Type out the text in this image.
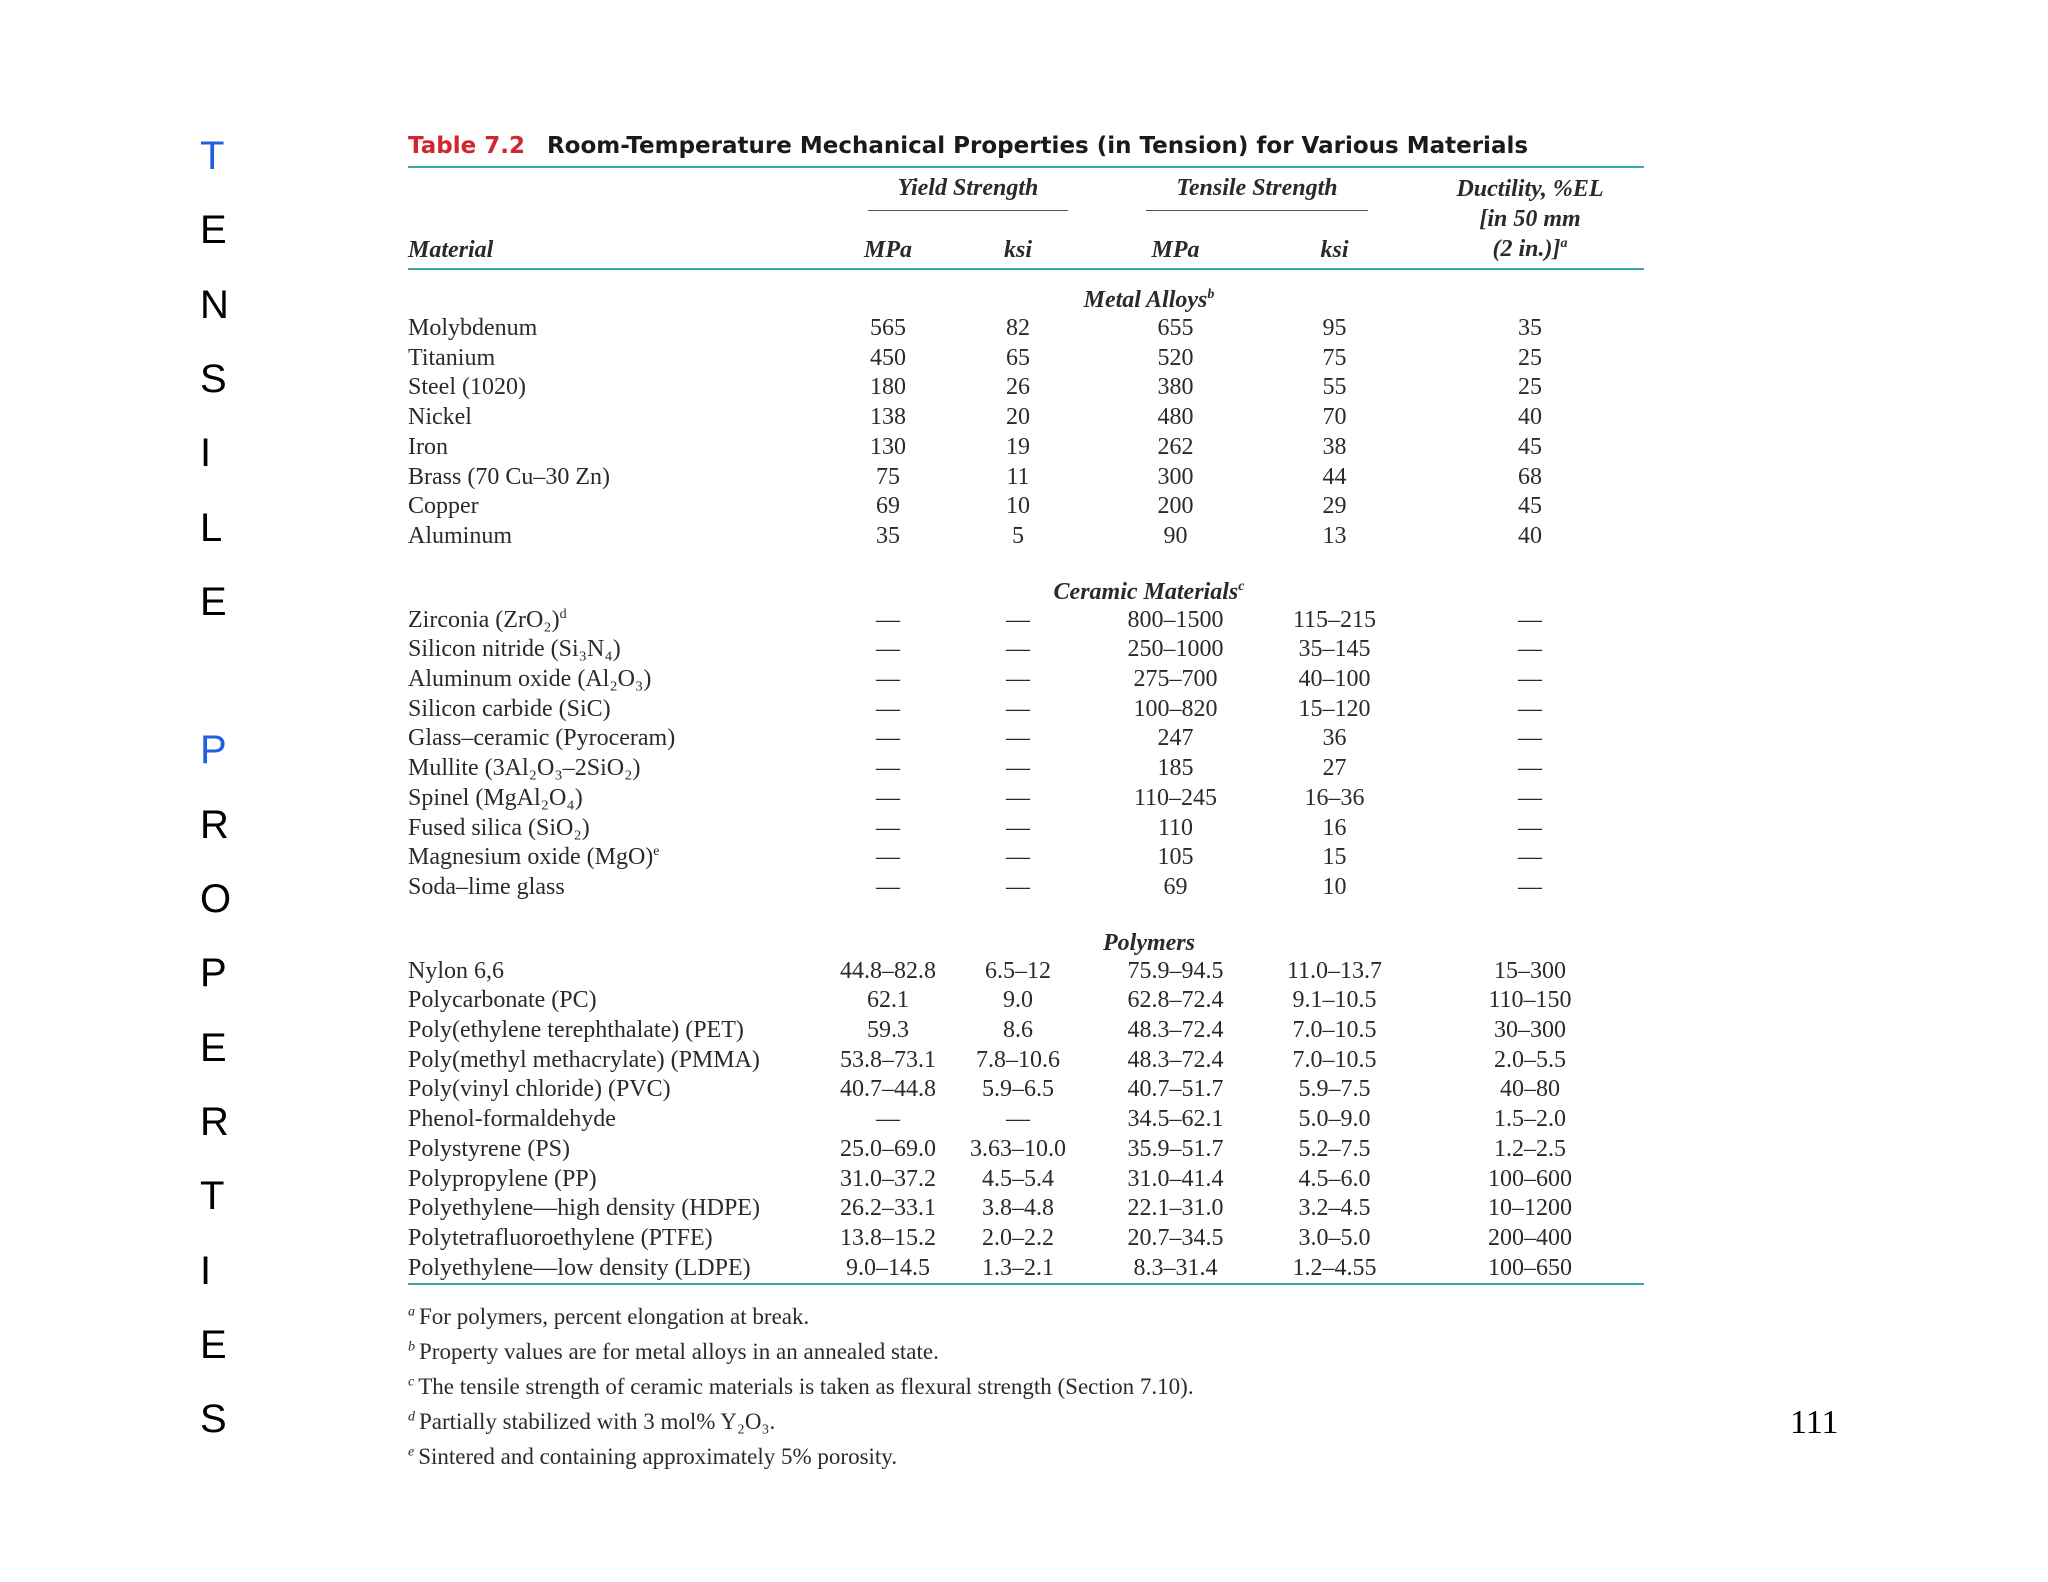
T
E
N
S
I
L
E
P
R
O
P
E
R
T
I
E
S
Table 7.2 Room-Temperature Mechanical Properties (in Tension) for Various Materials
	Yield Strength		Tensile Strength		Ductility, %EL
[in 50 mm
(2 in.)]$^a$
Material	MPa	ksi	MPa	ksi	
Metal Alloys$^b$
Molybdenum	565	82	655	95	35
Titanium	450	65	520	75	25
Steel (1020)	180	26	380	55	25
Nickel	138	20	480	70	40
Iron	130	19	262	38	45
Brass (70 Cu–30 Zn)	75	11	300	44	68
Copper	69	10	200	29	45
Aluminum	35	5	90	13	40

Ceramic Materials$^c$
Zirconia $(ZrO_2)^d$	—	—	800–1500	115–215	—
Silicon nitride (Si₃N₄)	—	—	250–1000	35–145	—
Aluminum oxide (Al₂O₃)	—	—	275–700	40–100	—
Silicon carbide (SiC)	—	—	100–820	15–120	—
Glass–ceramic (Pyroceram)	—	—	247	36	—
Mullite (3Al₂O₃–2SiO₂)	—	—	185	27	—
Spinel (MgAl₂O₄)	—	—	110–245	16–36	—
Fused silica (SiO₂)	—	—	110	16	—
Magnesium oxide (MgO)$^e$	—	—	105	15	—
Soda–lime glass	—	—	69	10	—

Polymers					
Nylon 6,6	44.8–82.8	6.5–12	75.9–94.5	11.0–13.7	15–300
Polycarbonate (PC)	62.1	9.0	62.8–72.4	9.1–10.5	110–150
Poly(ethylene terephthalate) (PET)	59.3	8.6	48.3–72.4	7.0–10.5	30–300
Poly(methyl methacrylate) (PMMA)	53.8–73.1	7.8–10.6	48.3–72.4	7.0–10.5	2.0–5.5
Poly(vinyl chloride) (PVC)	40.7–44.8	5.9–6.5	40.7–51.7	5.9–7.5	40–80
Phenol-formaldehyde	—	—	34.5–62.1	5.0–9.0	1.5–2.0
Polystyrene (PS)	25.0–69.0	3.63–10.0	35.9–51.7	5.2–7.5	1.2–2.5
Polypropylene (PP)	31.0–37.2	4.5–5.4	31.0–41.4	4.5–6.0	100–600
Polyethylene—high density (HDPE)	26.2–33.1	3.8–4.8	22.1–31.0	3.2–4.5	10–1200
Polytetrafluoroethylene (PTFE)	13.8–15.2	2.0–2.2	20.7–34.5	3.0–5.0	200–400
Polyethylene—low density (LDPE)	9.0–14.5	1.3–2.1	8.3–31.4	1.2–4.55	100–650
$^a$ For polymers, percent elongation at break.
$^b$ Property values are for metal alloys in an annealed state.
$^c$ The tensile strength of ceramic materials is taken as flexural strength (Section 7.10).
$^d$ Partially stabilized with 3 mol% Y₂O₃.
$^e$ Sintered and containing approximately 5% porosity.
111
